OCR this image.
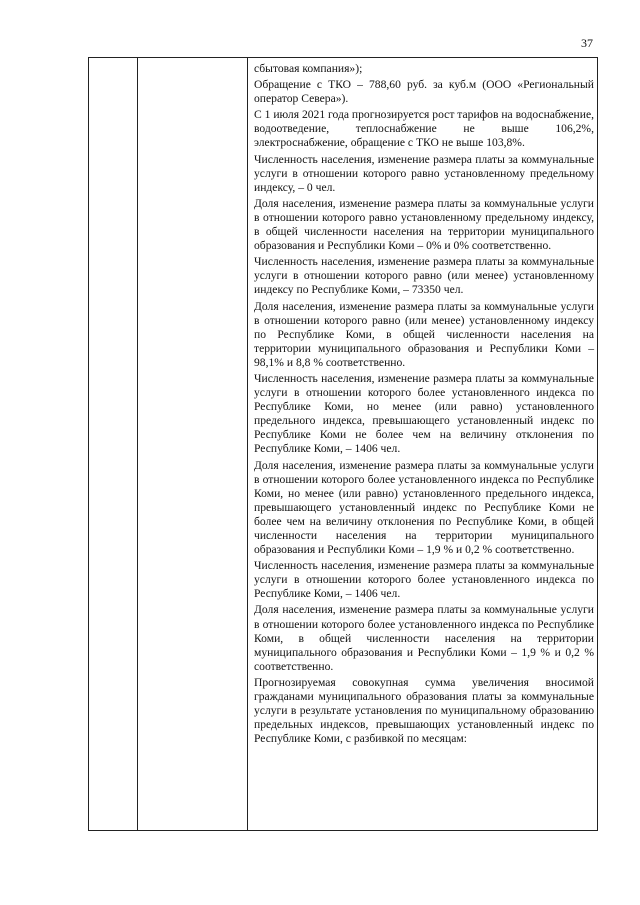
37

сбытовая компания»);

Обращение с ТКО – 788,60 руб. за куб.м (ООО «Региональный оператор Севера»).

С 1 июля 2021 года прогнозируется рост тарифов на водоснабжение, водоотведение, теплоснабжение не выше 106,2%, электроснабжение, обращение с ТКО не выше 103,8%.

Численность населения, изменение размера платы за коммунальные услуги в отношении которого равно установленному предельному индексу, – 0 чел.

Доля населения, изменение размера платы за коммунальные услуги в отношении которого равно установленному предельному индексу, в общей численности населения на территории муниципального образования и Республики Коми – 0% и 0% соответственно.

Численность населения, изменение размера платы за коммунальные услуги в отношении которого равно (или менее) установленному индексу по Республике Коми, – 73350 чел.

Доля населения, изменение размера платы за коммунальные услуги в отношении которого равно (или менее) установленному индексу по Республике Коми, в общей численности населения на территории муниципального образования и Республики Коми – 98,1% и 8,8 % соответственно.

Численность населения, изменение размера платы за коммунальные услуги в отношении которого более установленного индекса по Республике Коми, но менее (или равно) установленного предельного индекса, превышающего установленный индекс по Республике Коми не более чем на величину отклонения по Республике Коми, – 1406 чел.

Доля населения, изменение размера платы за коммунальные услуги в отношении которого более установленного индекса по Республике Коми, но менее (или равно) установленного предельного индекса, превышающего установленный индекс по Республике Коми не более чем на величину отклонения по Республике Коми, в общей численности населения на территории муниципального образования и Республики Коми – 1,9 % и 0,2 % соответственно.

Численность населения, изменение размера платы за коммунальные услуги в отношении которого более установленного индекса по Республике Коми, – 1406 чел.

Доля населения, изменение размера платы за коммунальные услуги в отношении которого более установленного индекса по Республике Коми, в общей численности населения на территории муниципального образования и Республики Коми – 1,9 % и 0,2 % соответственно.

Прогнозируемая совокупная сумма увеличения вносимой гражданами муниципального образования платы за коммунальные услуги в результате установления по муниципальному образованию предельных индексов, превышающих установленный индекс по Республике Коми, с разбивкой по месяцам:
